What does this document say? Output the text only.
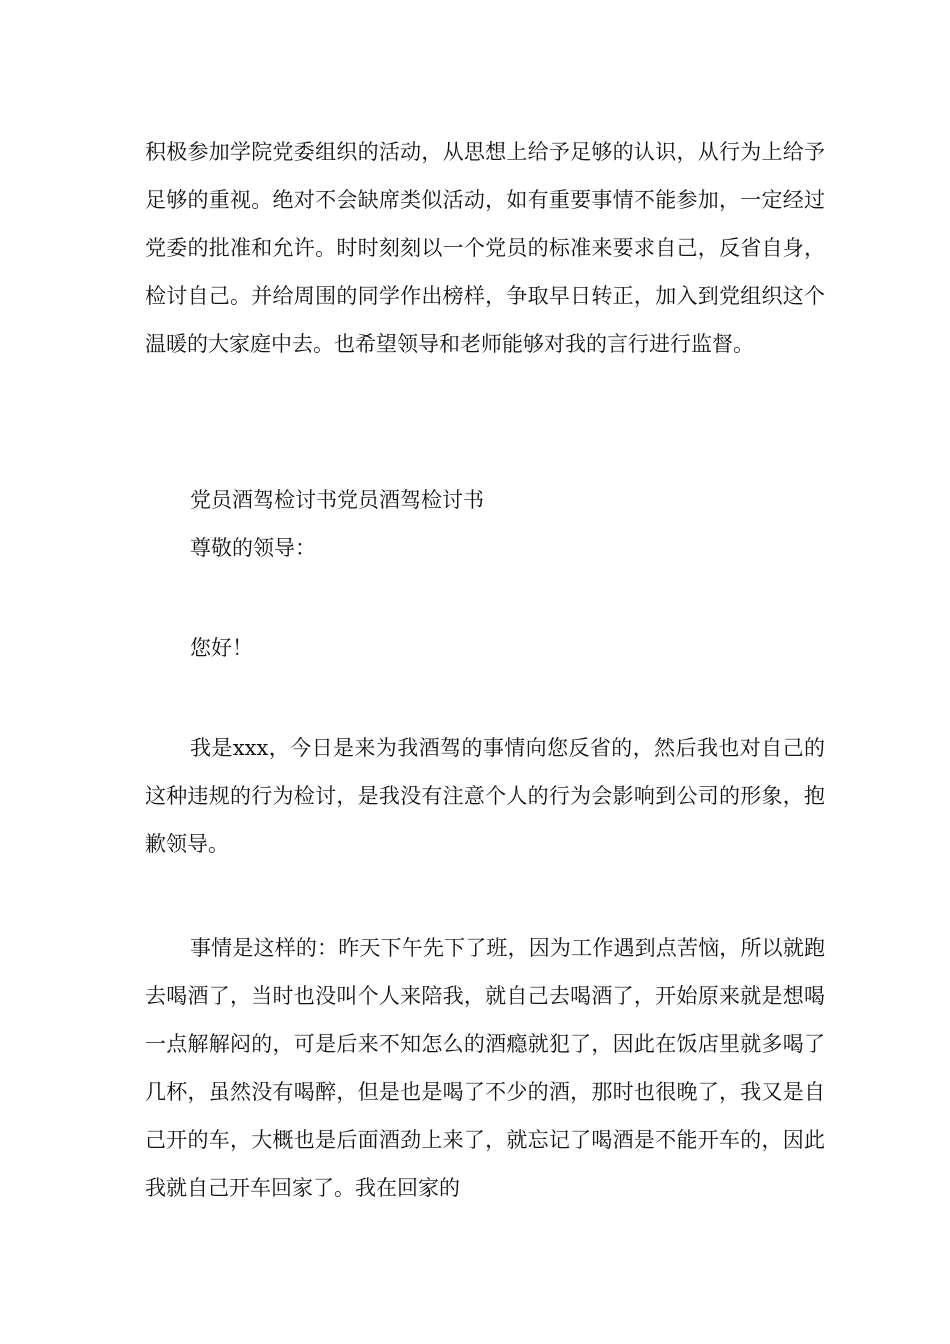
积极参加学院党委组织的活动，从思想上给予足够的认识，从行为上给予足够的重视。绝对不会缺席类似活动，如有重要事情不能参加，一定经过党委的批准和允许。时时刻刻以一个党员的标准来要求自己，反省自身，检讨自己。并给周围的同学作出榜样，争取早日转正，加入到党组织这个温暖的大家庭中去。也希望领导和老师能够对我的言行进行监督。

党员酒驾检讨书党员酒驾检讨书

尊敬的领导：

您好！

我是xxx，今日是来为我酒驾的事情向您反省的，然后我也对自己的这种违规的行为检讨，是我没有注意个人的行为会影响到公司的形象，抱歉领导。

事情是这样的：昨天下午先下了班，因为工作遇到点苦恼，所以就跑去喝酒了，当时也没叫个人来陪我，就自己去喝酒了，开始原来就是想喝一点解解闷的，可是后来不知怎么的酒瘾就犯了，因此在饭店里就多喝了几杯，虽然没有喝醉，但是也是喝了不少的酒，那时也很晚了，我又是自己开的车，大概也是后面酒劲上来了，就忘记了喝酒是不能开车的，因此我就自己开车回家了。我在回家的
